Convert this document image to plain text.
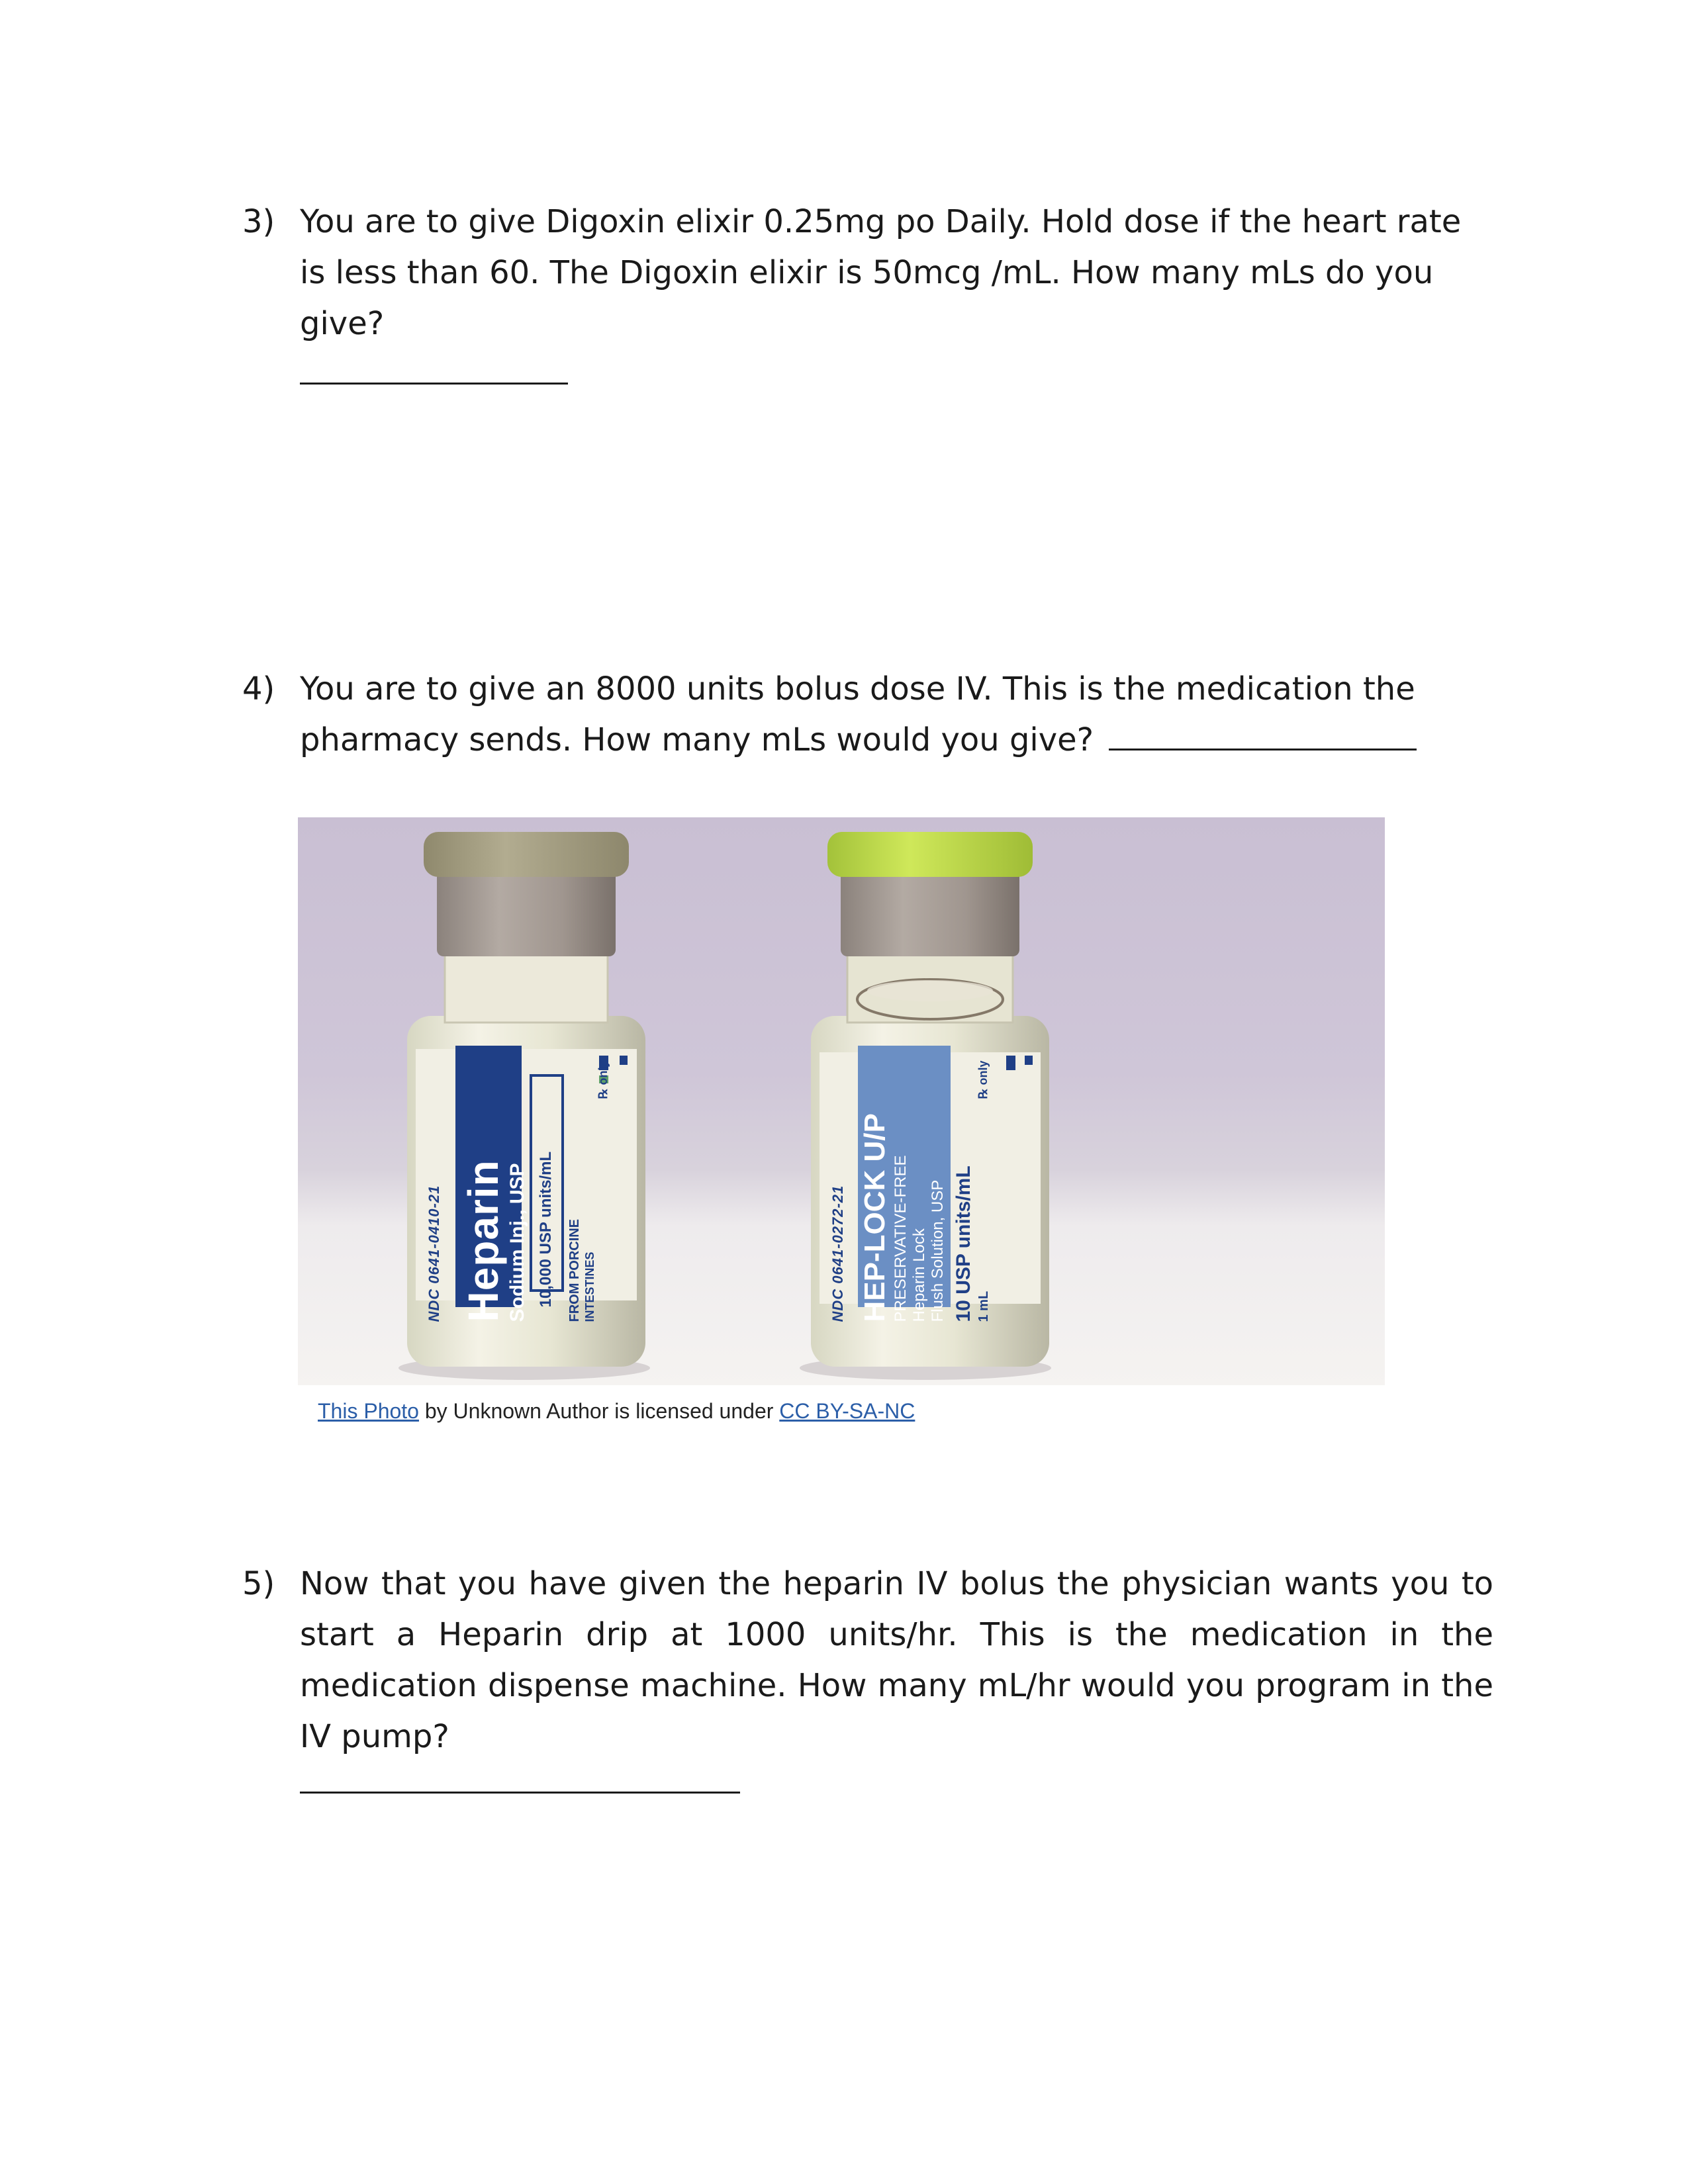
3) You are to give Digoxin elixir 0.25mg po Daily. Hold dose if the heart rate is less than 60. The Digoxin elixir is 50mcg /mL. How many mLs do you give?
4) You are to give an 8000 units bolus dose IV. This is the medication the
pharmacy sends. How many mLs would you give?
NDC 0641-0410-21 Heparin Sodium Inj., USP 10,000 USP units/mL FROM PORCINE INTESTINES
℞ only
NDC 0641-0272-21 HEP-LOCK U/P PRESERVATIVE-FREE Heparin Lock Flush Solution, USP 10 USP units/mL 1 mL
℞ only
This Photo by Unknown Author is licensed under CC BY-SA-NC
5) Now that you have given the heparin IV bolus the physician wants you to start a Heparin drip at 1000 units/hr. This is the medication in the medication dispense machine. How many mL/hr would you program in the IV pump?
